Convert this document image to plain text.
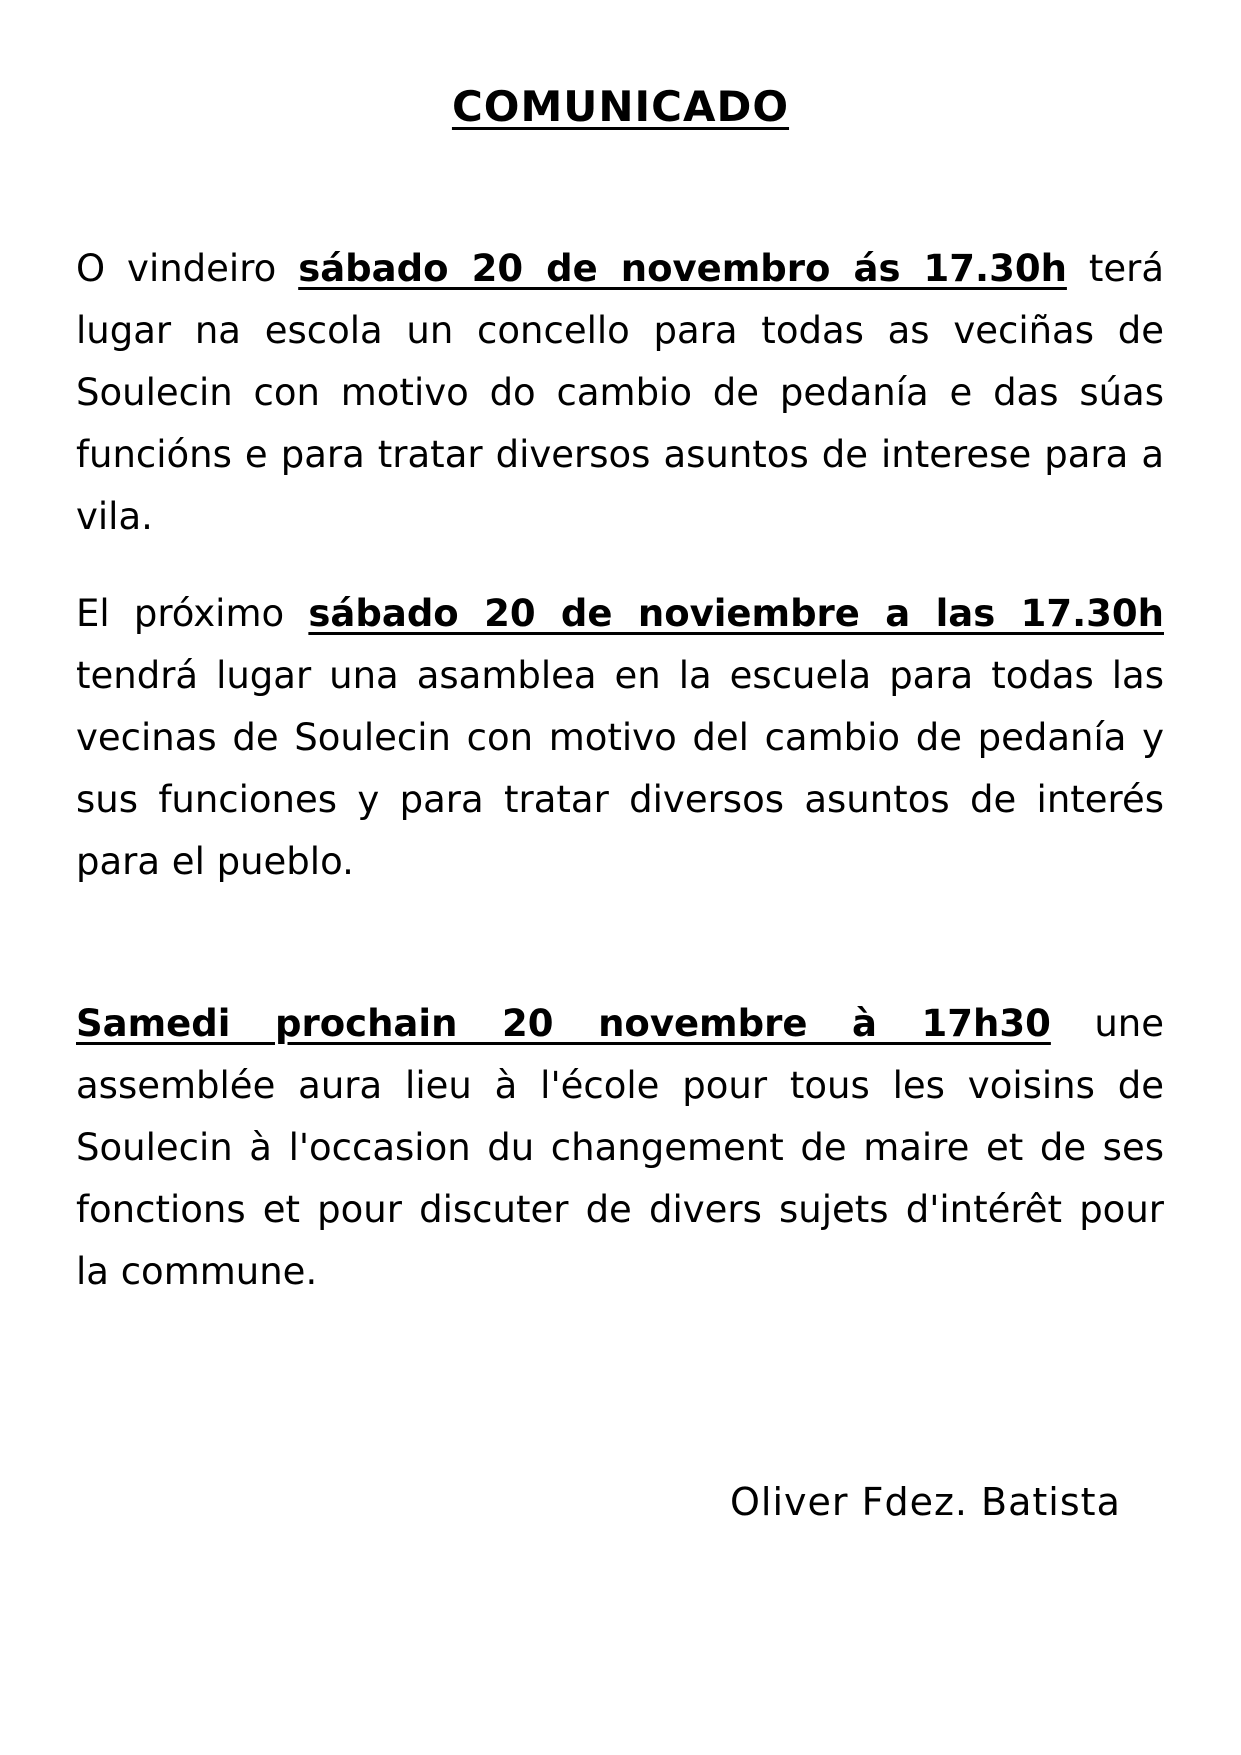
COMUNICADO

O vindeiro sábado 20 de novembro ás 17.30h terá lugar na escola un concello para todas as veciñas de Soulecin con motivo do cambio de pedanía e das súas funcións e para tratar diversos asuntos de interese para a vila.

El próximo sábado 20 de noviembre a las 17.30h tendrá lugar una asamblea en la escuela para todas las vecinas de Soulecin con motivo del cambio de pedanía y sus funciones y para tratar diversos asuntos de interés para el pueblo.

Samedi prochain 20 novembre à 17h30 une assemblée aura lieu à l'école pour tous les voisins de Soulecin à l'occasion du changement de maire et de ses fonctions et pour discuter de divers sujets d'intérêt pour la commune.

Oliver Fdez. Batista
